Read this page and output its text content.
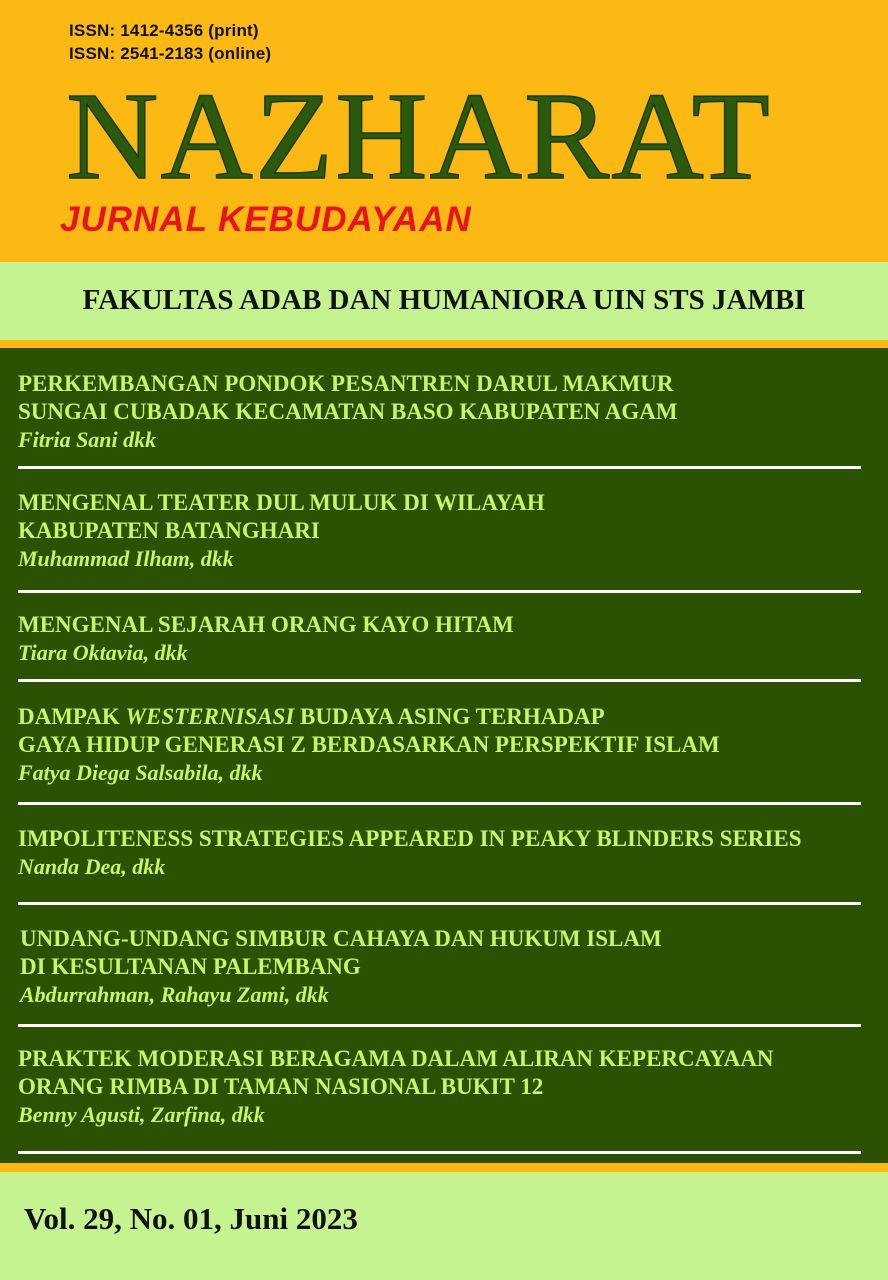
ISSN: 1412-4356 (print)
ISSN: 2541-2183 (online)
NAZHARAT
JURNAL KEBUDAYAAN
FAKULTAS ADAB DAN HUMANIORA UIN STS JAMBI
PERKEMBANGAN PONDOK PESANTREN DARUL MAKMUR
SUNGAI CUBADAK KECAMATAN BASO KABUPATEN AGAM
Fitria Sani dkk
MENGENAL TEATER DUL MULUK DI WILAYAH
KABUPATEN BATANGHARI
Muhammad Ilham, dkk
MENGENAL SEJARAH ORANG KAYO HITAM
Tiara Oktavia, dkk
DAMPAK WESTERNISASI BUDAYA ASING TERHADAP
GAYA HIDUP GENERASI Z BERDASARKAN PERSPEKTIF ISLAM
Fatya Diega Salsabila, dkk
IMPOLITENESS STRATEGIES APPEARED IN PEAKY BLINDERS SERIES
Nanda Dea, dkk
UNDANG-UNDANG SIMBUR CAHAYA DAN HUKUM ISLAM
DI KESULTANAN PALEMBANG
Abdurrahman, Rahayu Zami, dkk
PRAKTEK MODERASI BERAGAMA DALAM ALIRAN KEPERCAYAAN
ORANG RIMBA DI TAMAN NASIONAL BUKIT 12
Benny Agusti, Zarfina, dkk
Vol. 29, No. 01, Juni 2023
